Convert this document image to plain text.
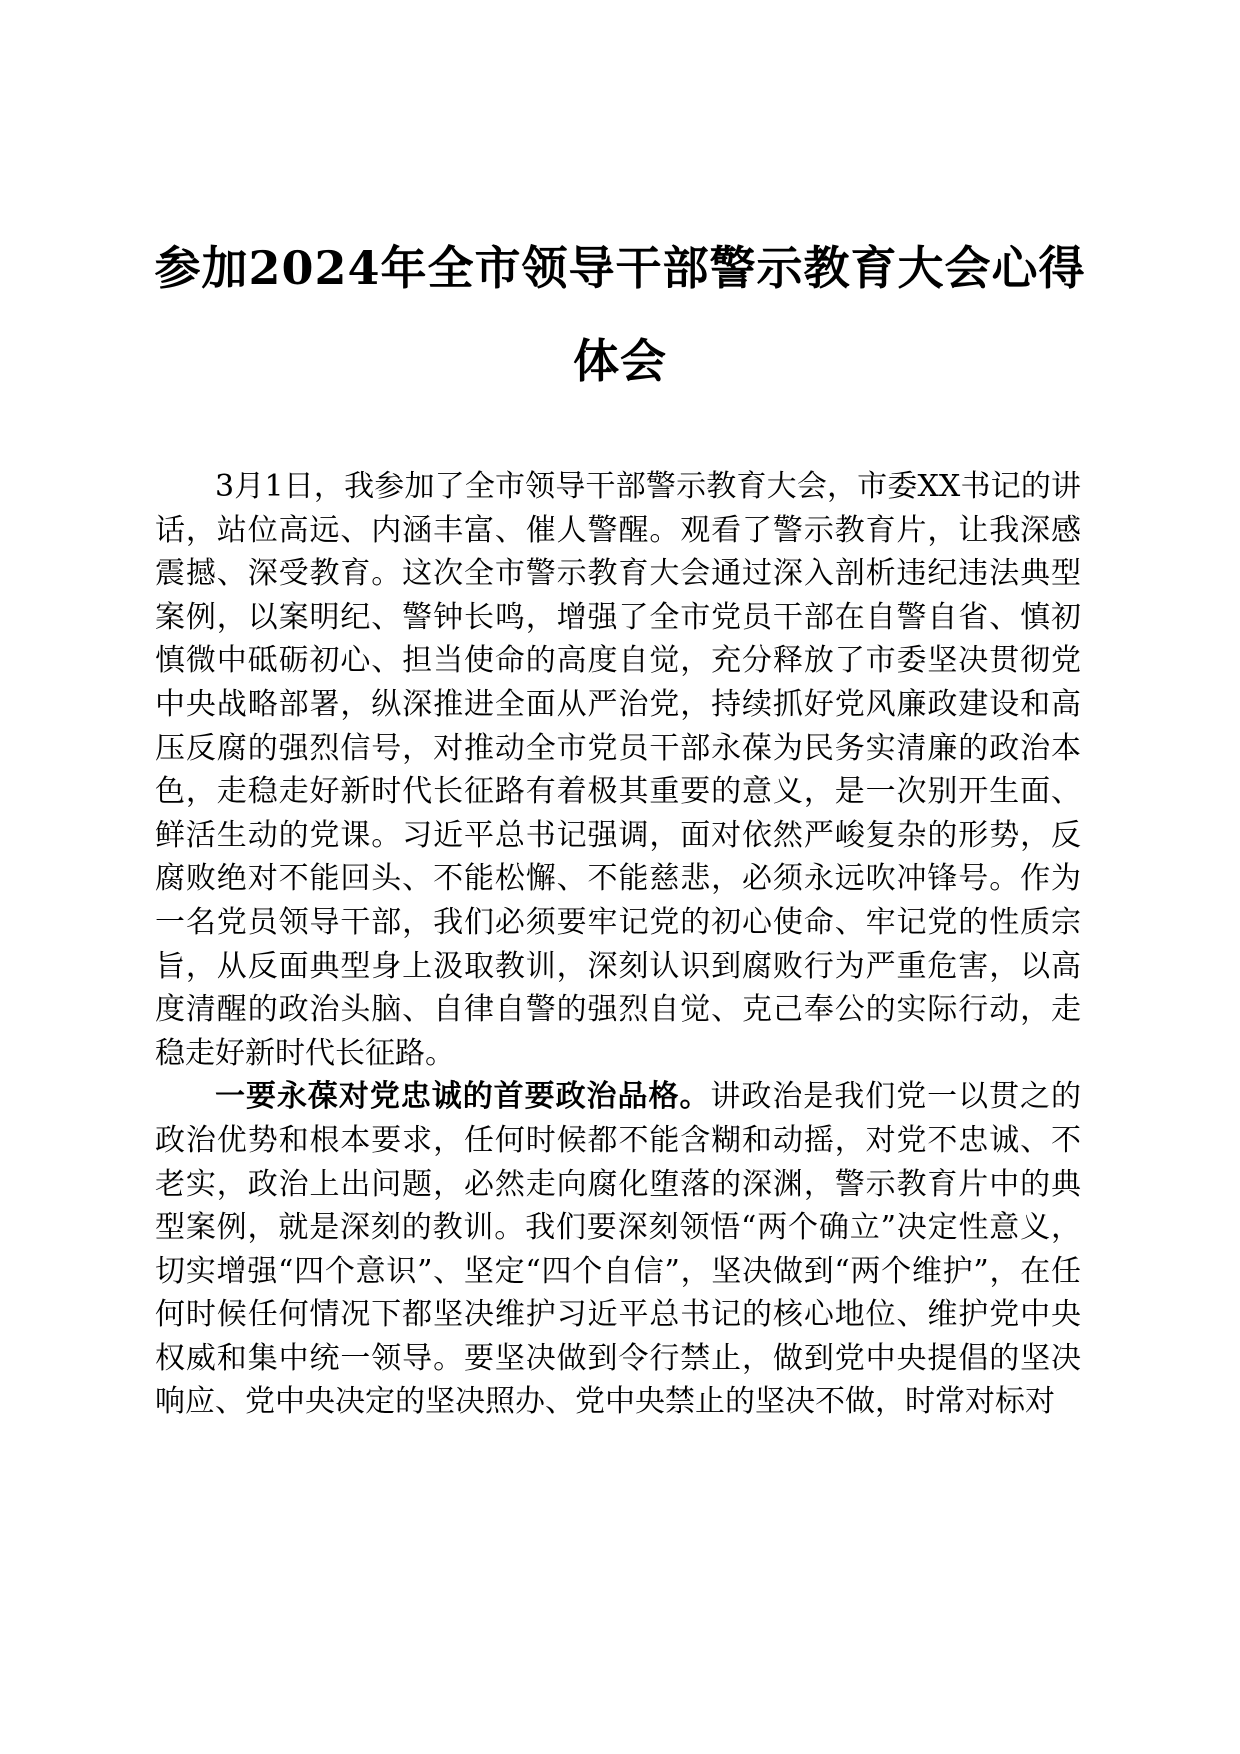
参加2024年全市领导干部警示教育大会心得体会

3月1日，我参加了全市领导干部警示教育大会，市委XX书记的讲话，站位高远、内涵丰富、催人警醒。观看了警示教育片，让我深感震撼、深受教育。这次全市警示教育大会通过深入剖析违纪违法典型案例，以案明纪、警钟长鸣，增强了全市党员干部在自警自省、慎初慎微中砥砺初心、担当使命的高度自觉，充分释放了市委坚决贯彻党中央战略部署，纵深推进全面从严治党，持续抓好党风廉政建设和高压反腐的强烈信号，对推动全市党员干部永葆为民务实清廉的政治本色，走稳走好新时代长征路有着极其重要的意义，是一次别开生面、鲜活生动的党课。习近平总书记强调，面对依然严峻复杂的形势，反腐败绝对不能回头、不能松懈、不能慈悲，必须永远吹冲锋号。作为一名党员领导干部，我们必须要牢记党的初心使命、牢记党的性质宗旨，从反面典型身上汲取教训，深刻认识到腐败行为严重危害，以高度清醒的政治头脑、自律自警的强烈自觉、克己奉公的实际行动，走稳走好新时代长征路。

一要永葆对党忠诚的首要政治品格。讲政治是我们党一以贯之的政治优势和根本要求，任何时候都不能含糊和动摇，对党不忠诚、不老实，政治上出问题，必然走向腐化堕落的深渊，警示教育片中的典型案例，就是深刻的教训。我们要深刻领悟“两个确立”决定性意义，切实增强“四个意识”、坚定“四个自信”，坚决做到“两个维护”，在任何时候任何情况下都坚决维护习近平总书记的核心地位、维护党中央权威和集中统一领导。要坚决做到令行禁止，做到党中央提倡的坚决响应、党中央决定的坚决照办、党中央禁止的坚决不做，时常对标对
